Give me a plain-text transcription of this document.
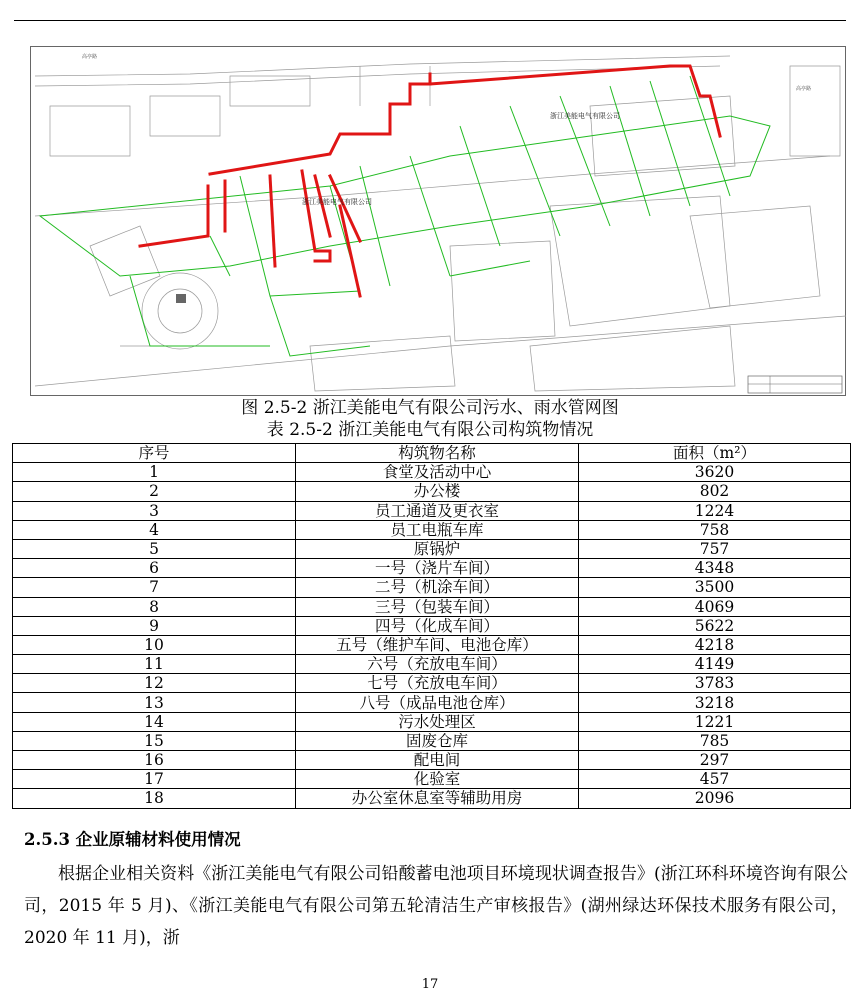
浙江美能电气有限公司
浙江美能电气有限公司
高亭路
高亭路
图 2.5-2 浙江美能电气有限公司污水、雨水管网图
表 2.5-2 浙江美能电气有限公司构筑物情况
序号	构筑物名称	面积（m²）
1	食堂及活动中心	3620
2	办公楼	802
3	员工通道及更衣室	1224
4	员工电瓶车库	758
5	原锅炉	757
6	一号（浇片车间）	4348
7	二号（机涂车间）	3500
8	三号（包装车间）	4069
9	四号（化成车间）	5622
10	五号（维护车间、电池仓库）	4218
11	六号（充放电车间）	4149
12	七号（充放电车间）	3783
13	八号（成品电池仓库）	3218
14	污水处理区	1221
15	固废仓库	785
16	配电间	297
17	化验室	457
18	办公室休息室等辅助用房	2096
2.5.3 企业原辅材料使用情况
根据企业相关资料《浙江美能电气有限公司铅酸蓄电池项目环境现状调查报告》(浙江环科环境咨询有限公司，2015 年 5 月)、《浙江美能电气有限公司第五轮清洁生产审核报告》(湖州绿达环保技术服务有限公司，2020 年 11 月)，浙
17
